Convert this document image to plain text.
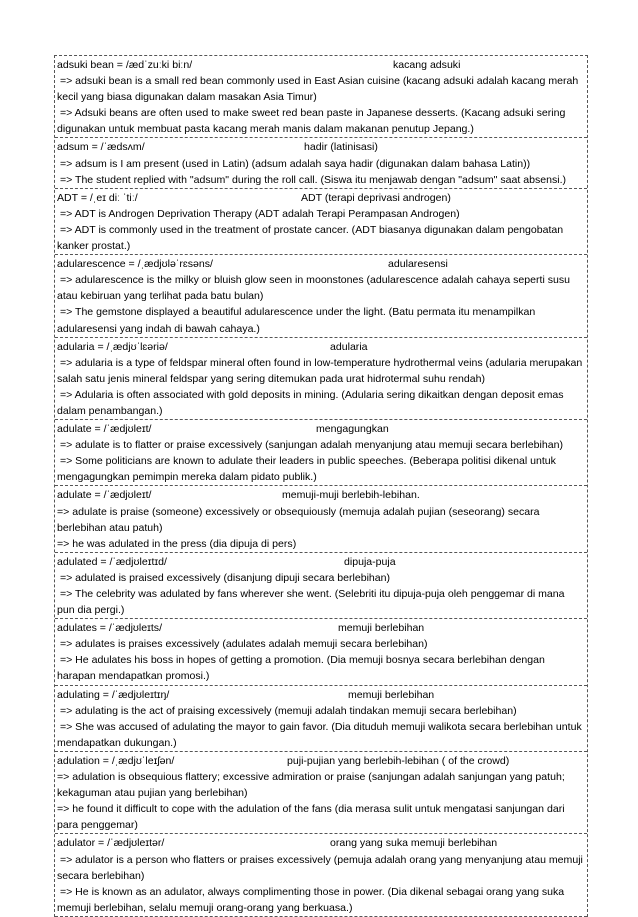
adsuki bean = /ædˈzuːki biːn/	kacang adsuki
=> adsuki bean is a small red bean commonly used in East Asian cuisine (kacang adsuki adalah kacang merah kecil yang biasa digunakan dalam masakan Asia Timur)
=> Adsuki beans are often used to make sweet red bean paste in Japanese desserts. (Kacang adsuki sering digunakan untuk membuat pasta kacang merah manis dalam makanan penutup Jepang.)
adsum = /ˈædsʌm/	hadir (latinisasi)
=> adsum is I am present (used in Latin) (adsum adalah saya hadir (digunakan dalam bahasa Latin))
=> The student replied with "adsum" during the roll call. (Siswa itu menjawab dengan "adsum" saat absensi.)
ADT = /ˌeɪ diː ˈtiː/	ADT (terapi deprivasi androgen)
=> ADT is Androgen Deprivation Therapy (ADT adalah Terapi Perampasan Androgen)
=> ADT is commonly used in the treatment of prostate cancer. (ADT biasanya digunakan dalam pengobatan kanker prostat.)
adularescence = /ˌædjʊləˈrɛsəns/	adularesensi
=> adularescence is the milky or bluish glow seen in moonstones (adularescence adalah cahaya seperti susu atau kebiruan yang terlihat pada batu bulan)
=> The gemstone displayed a beautiful adularescence under the light. (Batu permata itu menampilkan adularesensi yang indah di bawah cahaya.)
adularia = /ˌædjʊˈlɛəriə/	adularia
=> adularia is a type of feldspar mineral often found in low-temperature hydrothermal veins (adularia merupakan salah satu jenis mineral feldspar yang sering ditemukan pada urat hidrotermal suhu rendah)
=> Adularia is often associated with gold deposits in mining. (Adularia sering dikaitkan dengan deposit emas dalam penambangan.)
adulate = /ˈædjʊleɪt/	mengagungkan
=> adulate is to flatter or praise excessively (sanjungan adalah menyanjung atau memuji secara berlebihan)
=> Some politicians are known to adulate their leaders in public speeches. (Beberapa politisi dikenal untuk mengagungkan pemimpin mereka dalam pidato publik.)
adulate = /ˈædjʊleɪt/	memuji-muji berlebih-lebihan.
=> adulate is praise (someone) excessively or obsequiously (memuja adalah pujian (seseorang) secara berlebihan atau patuh)
=> he was adulated in the press (dia dipuja di pers)
adulated = /ˈædjʊleɪtɪd/	dipuja-puja
=> adulated is praised excessively (disanjung dipuji secara berlebihan)
=> The celebrity was adulated by fans wherever she went. (Selebriti itu dipuja-puja oleh penggemar di mana pun dia pergi.)
adulates = /ˈædjʊleɪts/	memuji berlebihan
=> adulates is praises excessively (adulates adalah memuji secara berlebihan)
=> He adulates his boss in hopes of getting a promotion. (Dia memuji bosnya secara berlebihan dengan harapan mendapatkan promosi.)
adulating = /ˈædjʊleɪtɪŋ/	memuji berlebihan
=> adulating is the act of praising excessively (memuji adalah tindakan memuji secara berlebihan)
=> She was accused of adulating the mayor to gain favor. (Dia dituduh memuji walikota secara berlebihan untuk mendapatkan dukungan.)
adulation = /ˌædjʊˈleɪʃən/	puji-pujian yang berlebih-lebihan ( of the crowd)
=> adulation is obsequious flattery; excessive admiration or praise (sanjungan adalah sanjungan yang patuh; kekaguman atau pujian yang berlebihan)
=> he found it difficult to cope with the adulation of the fans (dia merasa sulit untuk mengatasi sanjungan dari
para penggemar)
adulator = /ˈædjʊleɪtər/	orang yang suka memuji berlebihan
=> adulator is a person who flatters or praises excessively (pemuja adalah orang yang menyanjung atau memuji secara berlebihan)
=> He is known as an adulator, always complimenting those in power. (Dia dikenal sebagai orang yang suka memuji berlebihan, selalu memuji orang-orang yang berkuasa.)
